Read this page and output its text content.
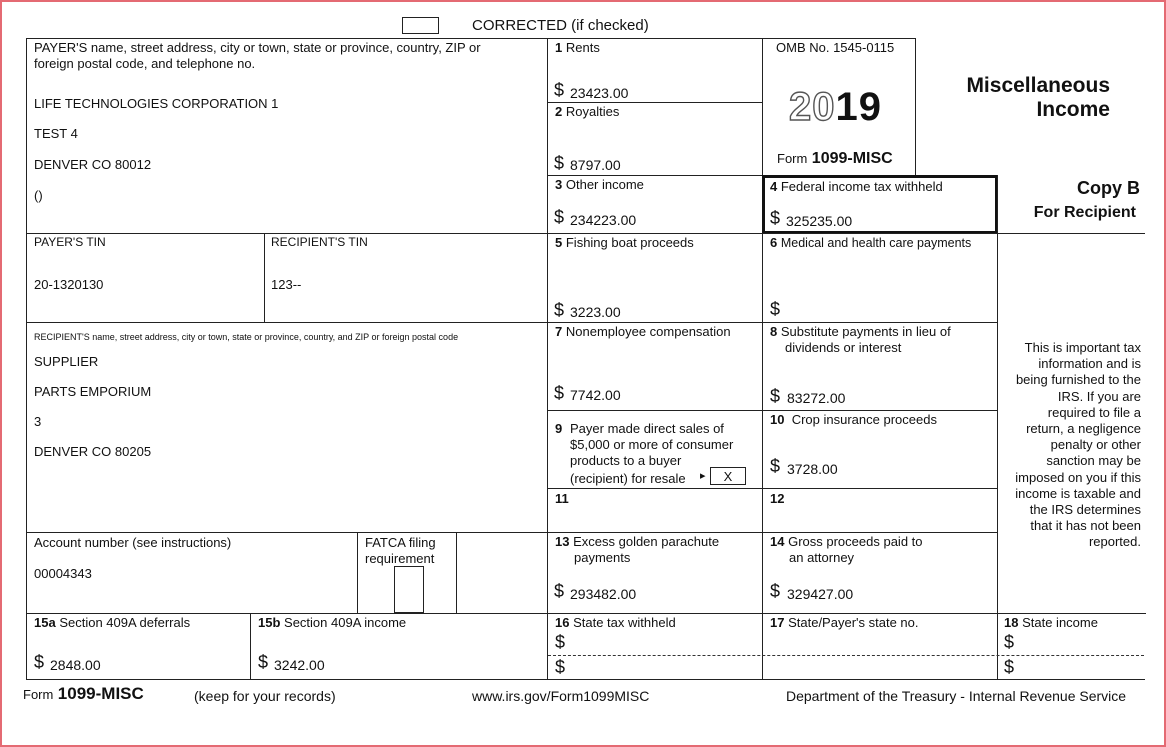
CORRECTED (if checked)
PAYER'S name, street address, city or town, state or province, country, ZIP or foreign postal code, and telephone no.
LIFE TECHNOLOGIES CORPORATION 1
TEST 4
DENVER CO 80012
()
PAYER'S TIN
20-1320130
RECIPIENT'S TIN
123--
RECIPIENT'S name, street address, city or town, state or province, country, and ZIP or foreign postal code
SUPPLIER
PARTS EMPORIUM
3
DENVER CO 80205
Account number (see instructions)
00004343
FATCA filing
requirement
1 Rents
$ 23423.00
2 Royalties
$ 8797.00
3 Other income
$ 234223.00
5 Fishing boat proceeds
$ 3223.00
7 Nonemployee compensation
$ 7742.00
9 Payer made direct sales of
$5,000 or more of consumer
products to a buyer
(recipient) for resale ▸	X
11
13 Excess golden parachute
payments
$ 293482.00
OMB No. 1545-0115
2019
Form 1099-MISC
4 Federal income tax withheld
$ 325235.00
6 Medical and health care payments
$
8 Substitute payments in lieu of
dividends or interest
$ 83272.00
10 Crop insurance proceeds
$ 3728.00
12
14 Gross proceeds paid to
an attorney
$ 329427.00
Miscellaneous
Income
Copy B
For Recipient
This is important tax information and is being furnished to the IRS. If you are required to file a return, a negligence penalty or other sanction may be imposed on you if this income is taxable and the IRS determines that it has not been reported.
15a Section 409A deferrals
$ 2848.00
15b Section 409A income
$ 3242.00
16 State tax withheld
$
$
17 State/Payer's state no.	18 State income
$
$
Form 1099-MISC	(keep for your records)	www.irs.gov/Form1099MISC	Department of the Treasury - Internal Revenue Service
